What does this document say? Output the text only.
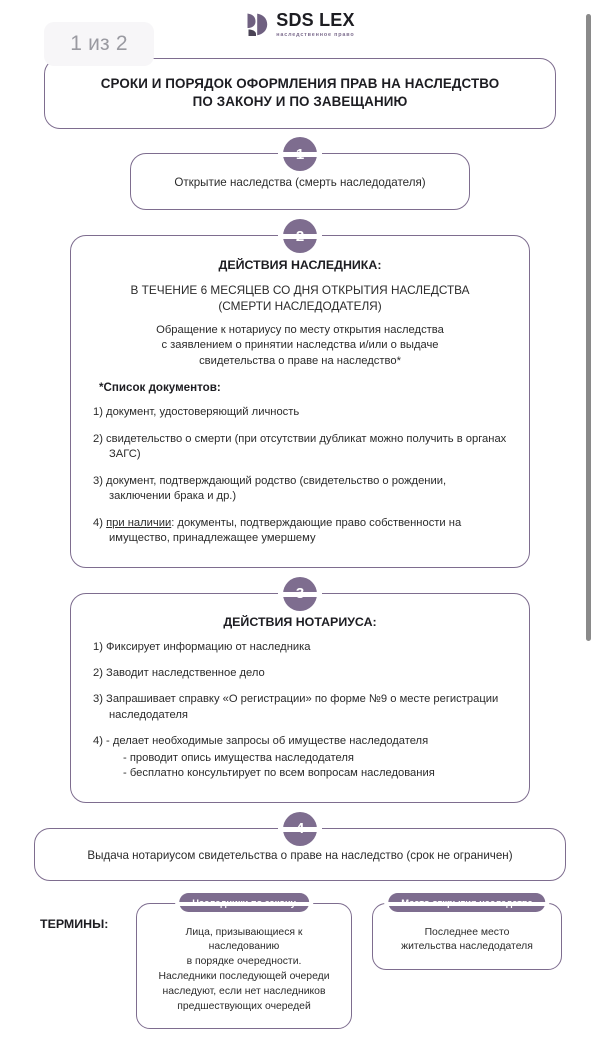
1 из 2
SDS LEX
наследственное право
СРОКИ И ПОРЯДОК ОФОРМЛЕНИЯ ПРАВ НА НАСЛЕДСТВО
ПО ЗАКОНУ И ПО ЗАВЕЩАНИЮ
1
Открытие наследства (смерть наследодателя)
2
ДЕЙСТВИЯ НАСЛЕДНИКА:
В ТЕЧЕНИЕ 6 МЕСЯЦЕВ СО ДНЯ ОТКРЫТИЯ НАСЛЕДСТВА
(СМЕРТИ НАСЛЕДОДАТЕЛЯ)
Обращение к нотариусу по месту открытия наследства
с заявлением о принятии наследства и/или о выдаче
свидетельства о праве на наследство*
*Список документов:
1) документ, удостоверяющий личность
2) свидетельство о смерти (при отсутствии дубликат можно получить в органах ЗАГС)
3) документ, подтверждающий родство (свидетельство о рождении, заключении брака и др.)
4) при наличии: документы, подтверждающие право собственности на имущество, принадлежащее умершему
3
ДЕЙСТВИЯ НОТАРИУСА:
1) Фиксирует информацию от наследника
2) Заводит наследственное дело
3) Запрашивает справку «О регистрации» по форме №9 о месте регистрации наследодателя
4) - делает необходимые запросы об имуществе наследодателя
- проводит опись имущества наследодателя
- бесплатно консультирует по всем вопросам наследования
4
Выдача нотариусом свидетельства о праве на наследство (срок не ограничен)
ТЕРМИНЫ:
Наследники по закону
Лица, призывающиеся к наследованию
в порядке очередности.
Наследники последующей очереди
наследуют, если нет наследников
предшествующих очередей
Место открытия наследства
Последнее место
жительства наследодателя
